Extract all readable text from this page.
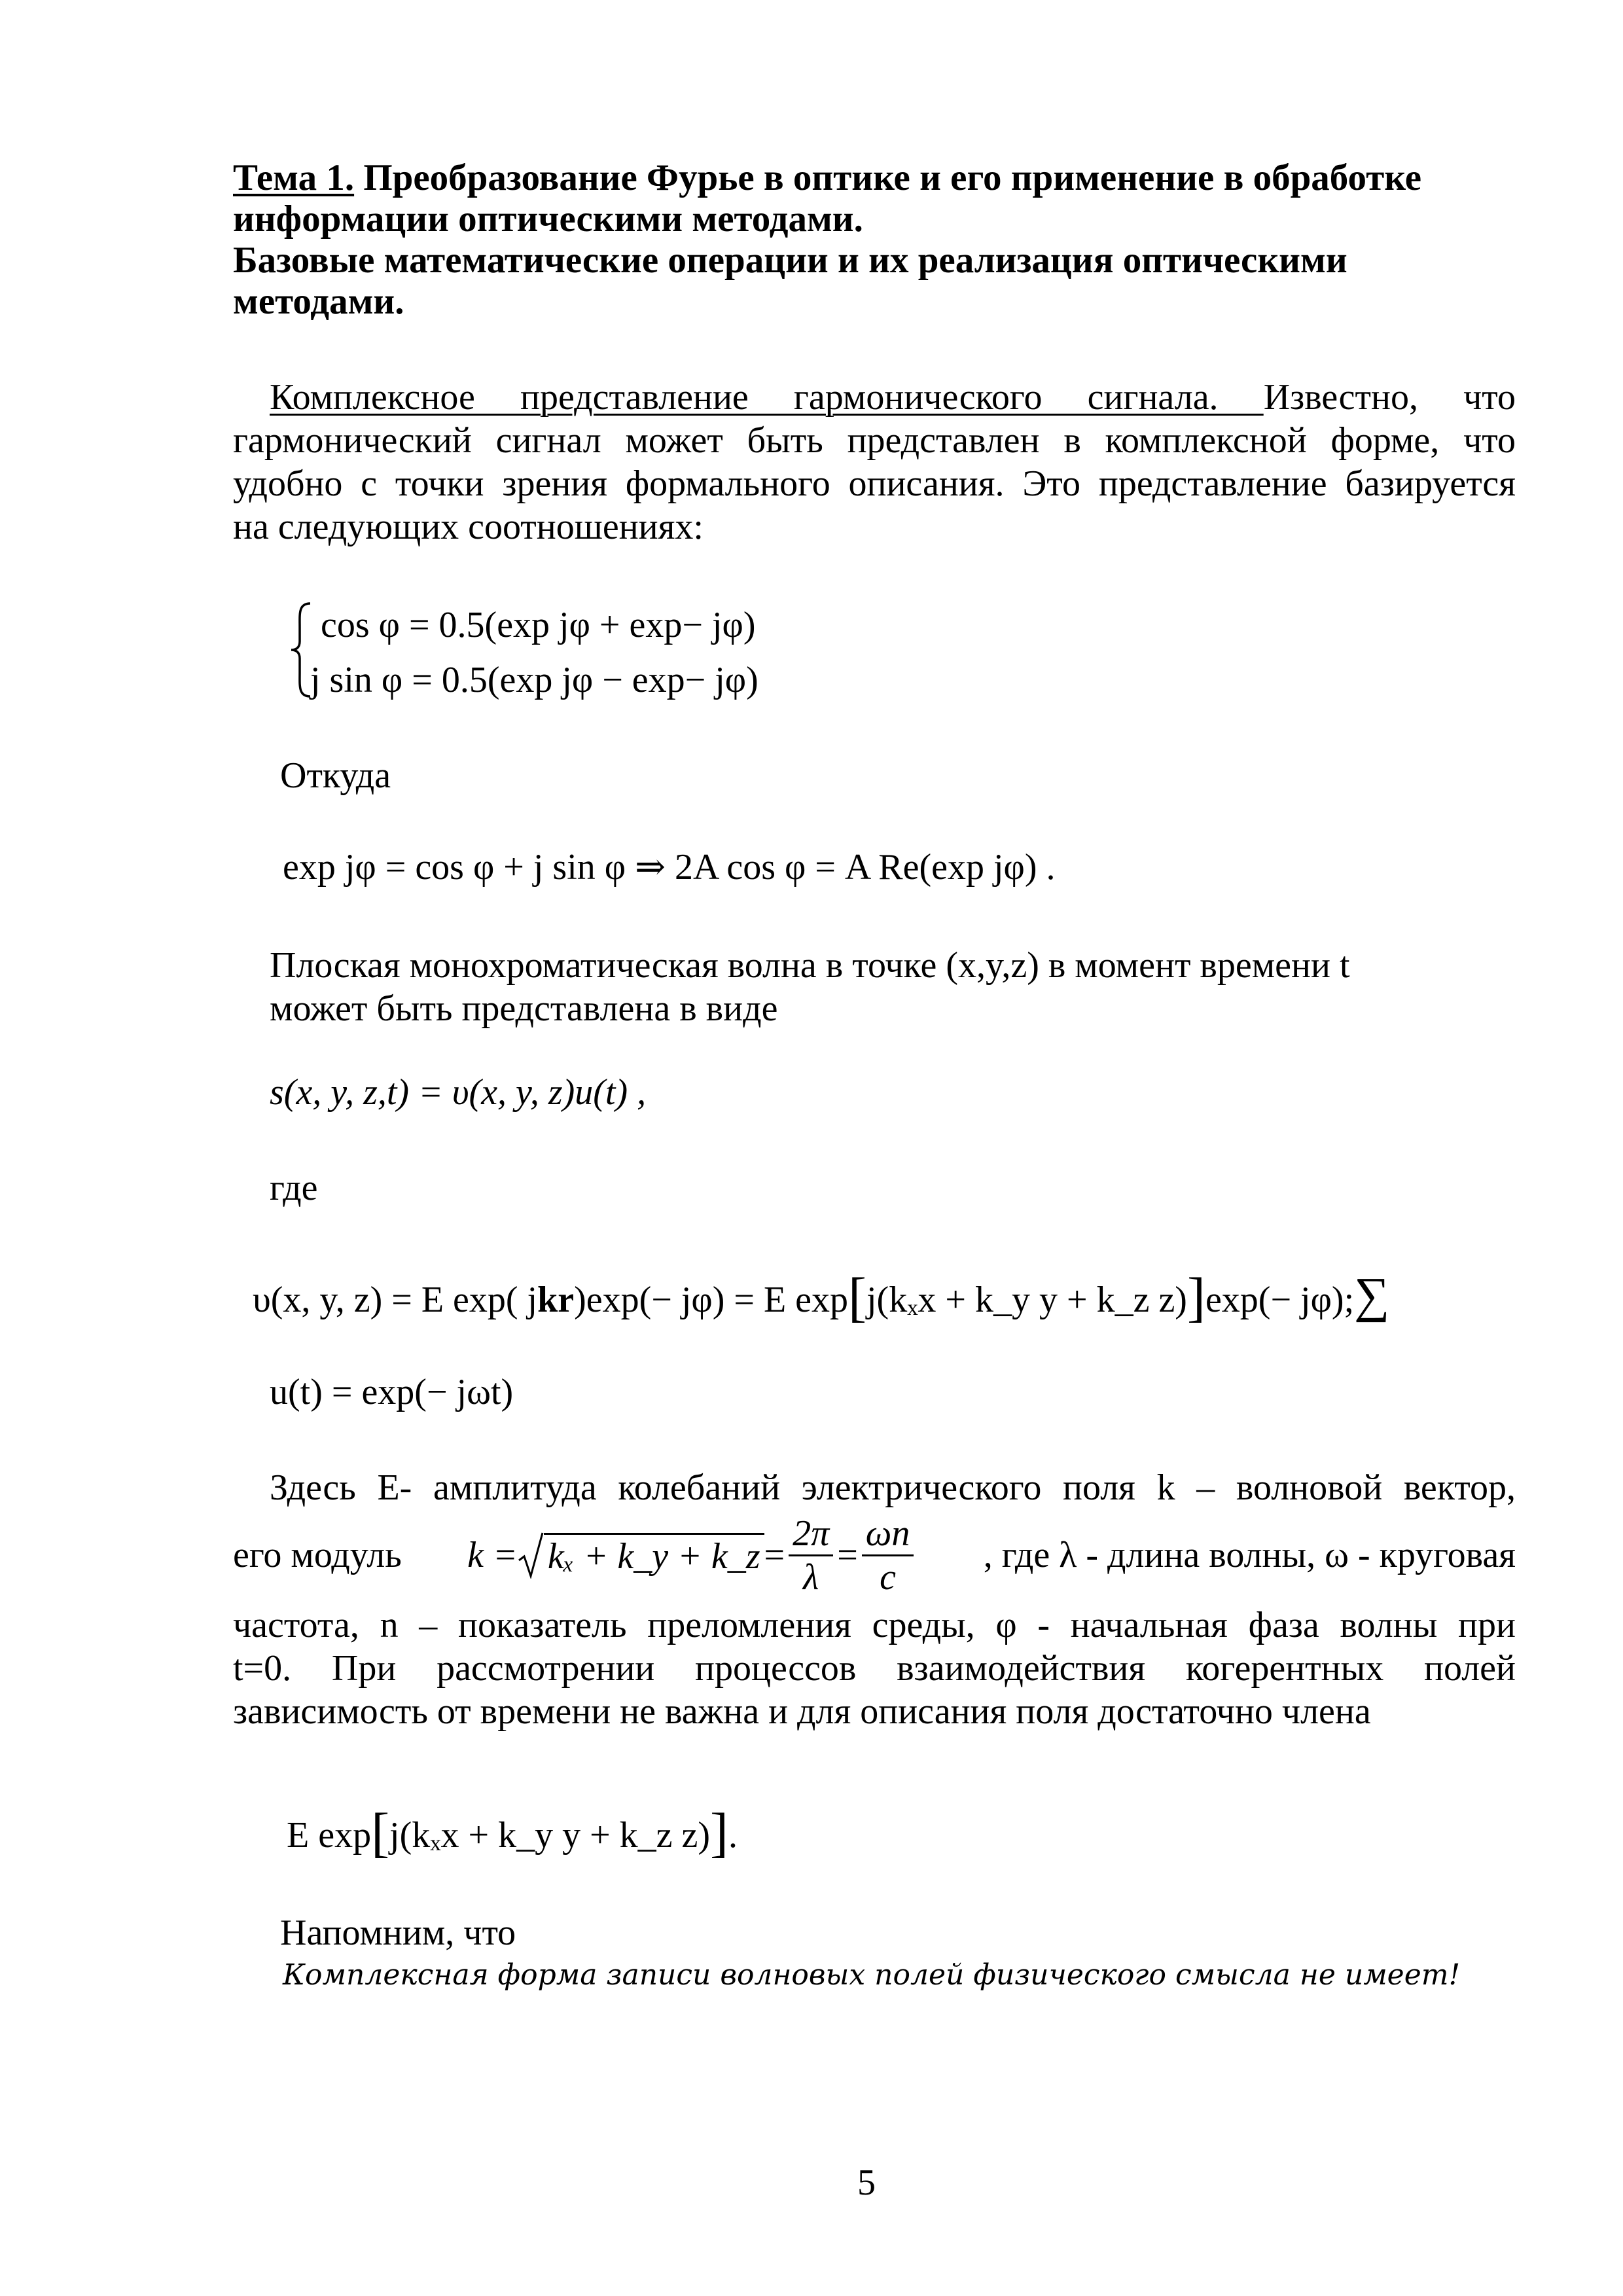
Тема 1. Преобразование Фурье в оптике и его применение в обработке
информации оптическими методами.
Базовые математические операции и их реализация оптическими
методами.
Комплексное представление гармонического сигнала. Известно, что
гармонический сигнал может быть представлен в комплексной форме, что
удобно с точки зрения формального описания. Это представление базируется
на следующих соотношениях:
cos φ = 0.5(exp jφ + exp− jφ)
j sin φ = 0.5(exp jφ − exp− jφ)
Откуда
exp jφ = cos φ + j sin φ ⇒ 2A cos φ = A Re(exp jφ) .
Плоская монохроматическая волна в точке (x,y,z) в момент времени t
может быть представлена в виде
s(x, y, z,t) = υ(x, y, z)u(t) ,
где
υ(x, y, z) = E exp( jkr)exp(− jφ) = E exp[j(kₓx + k_y y + k_z z)]exp(− jφ);∑
u(t) = exp(− jωt)
Здесь E- амплитуда колебаний электрического поля k – волновой вектор,
его модуль k = kₓ + k_y + k_z = $\frac{2\pi}{\lambda} = \frac{\omega n}{c}$ , где λ - длина волны, ω - круговая
частота, n – показатель преломления среды, φ - начальная фаза волны при
t=0. При рассмотрении процессов взаимодействия когерентных полей
зависимость от времени не важна и для описания поля достаточно члена
E exp[j(kₓx + k_y y + k_z z)].
Напомним, что
Комплексная форма записи волновых полей физического смысла не имеет!
5
